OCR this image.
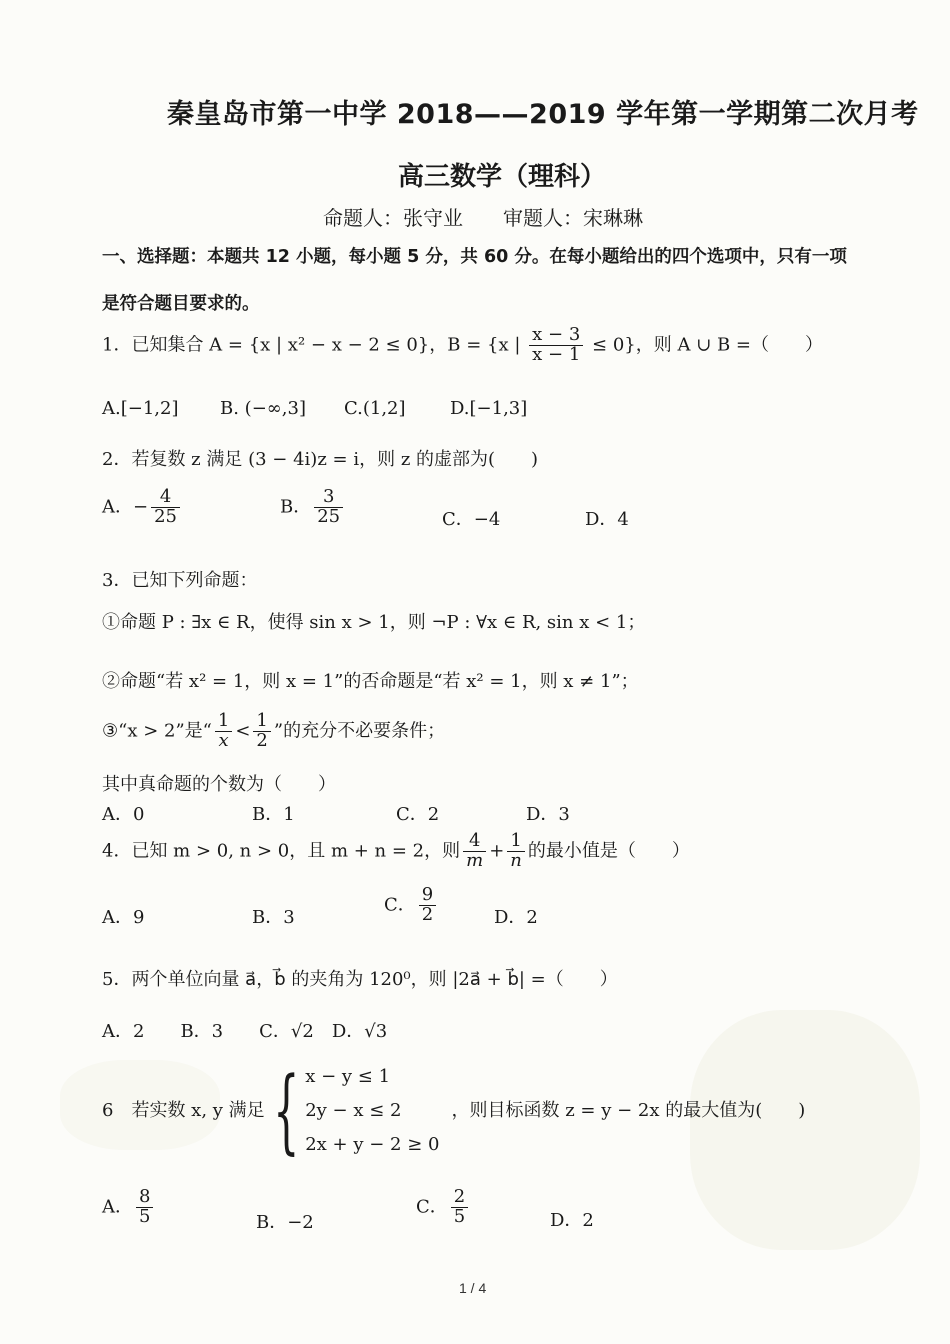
秦皇岛市第一中学 2018——2019 学年第一学期第二次月考
高三数学（理科）
命题人：张守业　　审题人：宋琳琳
一、选择题：本题共 12 小题，每小题 5 分，共 60 分。在每小题给出的四个选项中，只有一项
是符合题目要求的。
1．已知集合 A = {x | x² − x − 2 ≤ 0}，B = {x | $\frac{x - 3}{x - 1} \le 0$}，则 A ∪ B =（　　）
A.[−1,2] B. (−∞,3] C.(1,2] D.[−1,3]
2．若复数 z 满足 (3 − 4i)z = i，则 z 的虚部为(　　)
A．− $\frac{4}{25}$	B． $\frac{3}{25}$	C．−4	D．4
3．已知下列命题：
①命题 P : ∃x ∈ R，使得 sin x > 1，则 ¬P : ∀x ∈ R, sin x < 1；
②命题“若 x² = 1，则 x = 1”的否命题是“若 x² = 1，则 x ≠ 1”；
③“x > 2”是“ $\frac{1}{x} < \frac{1}{2}$ ”的充分不必要条件；
其中真命题的个数为（　　）
A．0	B．1	C．2	D．3
4．已知 m > 0, n > 0，且 m + n = 2，则 $\frac{4}{m} + \frac{1}{n}$ 的最小值是（　　）
A．9	B．3
C． $\frac{9}{2}$	D．2
5．两个单位向量 a⃗，b⃗ 的夹角为 120⁰，则 |2a⃗ + b⃗| =（　　）
A．2　　B．3　　C．√2　D．√3
6　若实数 x, y 满足{ x − y ≤ 1
2y − x ≤ 2
2x + y − 2 ≥ 0
，则目标函数 z = y − 2x 的最大值为(　　)
A． $\frac{8}{5}$	B．−2
C． $\frac{2}{5}$	D．2
1 / 4
